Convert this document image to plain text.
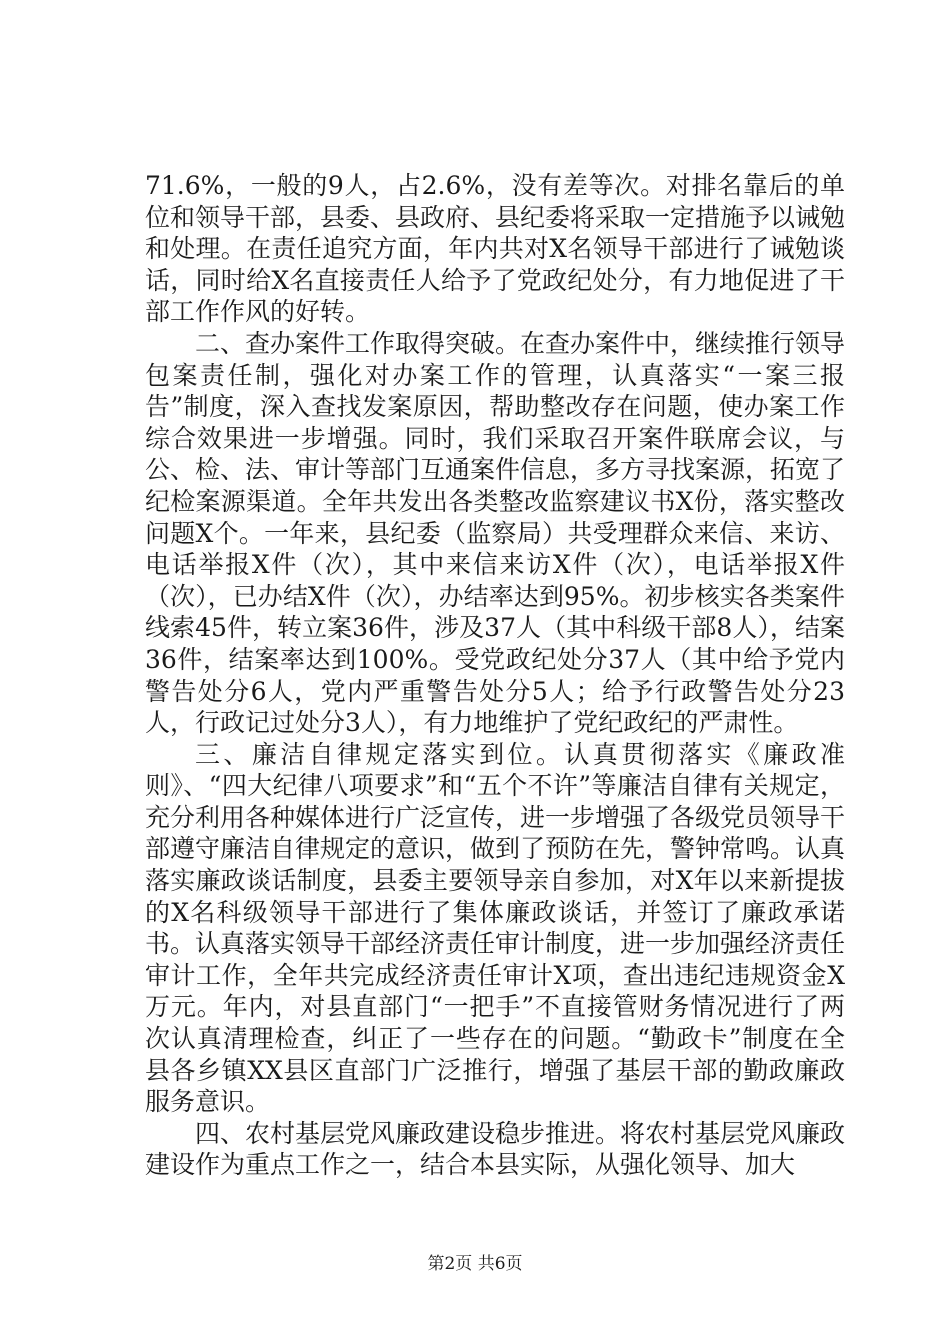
71.6%，一般的9人，占2.6%，没有差等次。对排名靠后的单位和领导干部，县委、县政府、县纪委将采取一定措施予以诫勉和处理。在责任追究方面，年内共对X名领导干部进行了诫勉谈话，同时给X名直接责任人给予了党政纪处分，有力地促进了干部工作作风的好转。

二、查办案件工作取得突破。在查办案件中，继续推行领导包案责任制，强化对办案工作的管理，认真落实“一案三报告”制度，深入查找发案原因，帮助整改存在问题，使办案工作综合效果进一步增强。同时，我们采取召开案件联席会议，与公、检、法、审计等部门互通案件信息，多方寻找案源，拓宽了纪检案源渠道。全年共发出各类整改监察建议书X份，落实整改问题X个。一年来，县纪委（监察局）共受理群众来信、来访、电话举报X件（次），其中来信来访X件（次），电话举报X件（次），已办结X件（次），办结率达到95%。初步核实各类案件线索45件，转立案36件，涉及37人（其中科级干部8人），结案36件，结案率达到100%。受党政纪处分37人（其中给予党内警告处分6人，党内严重警告处分5人；给予行政警告处分23人，行政记过处分3人），有力地维护了党纪政纪的严肃性。

三、廉洁自律规定落实到位。认真贯彻落实《廉政准则》、“四大纪律八项要求”和“五个不许”等廉洁自律有关规定，充分利用各种媒体进行广泛宣传，进一步增强了各级党员领导干部遵守廉洁自律规定的意识，做到了预防在先，警钟常鸣。认真落实廉政谈话制度，县委主要领导亲自参加，对X年以来新提拔的X名科级领导干部进行了集体廉政谈话，并签订了廉政承诺书。认真落实领导干部经济责任审计制度，进一步加强经济责任审计工作，全年共完成经济责任审计X项，查出违纪违规资金X万元。年内，对县直部门“一把手”不直接管财务情况进行了两次认真清理检查，纠正了一些存在的问题。“勤政卡”制度在全县各乡镇XX县区直部门广泛推行，增强了基层干部的勤政廉政服务意识。

四、农村基层党风廉政建设稳步推进。将农村基层党风廉政建设作为重点工作之一，结合本县实际，从强化领导、加大

第2页 共6页
